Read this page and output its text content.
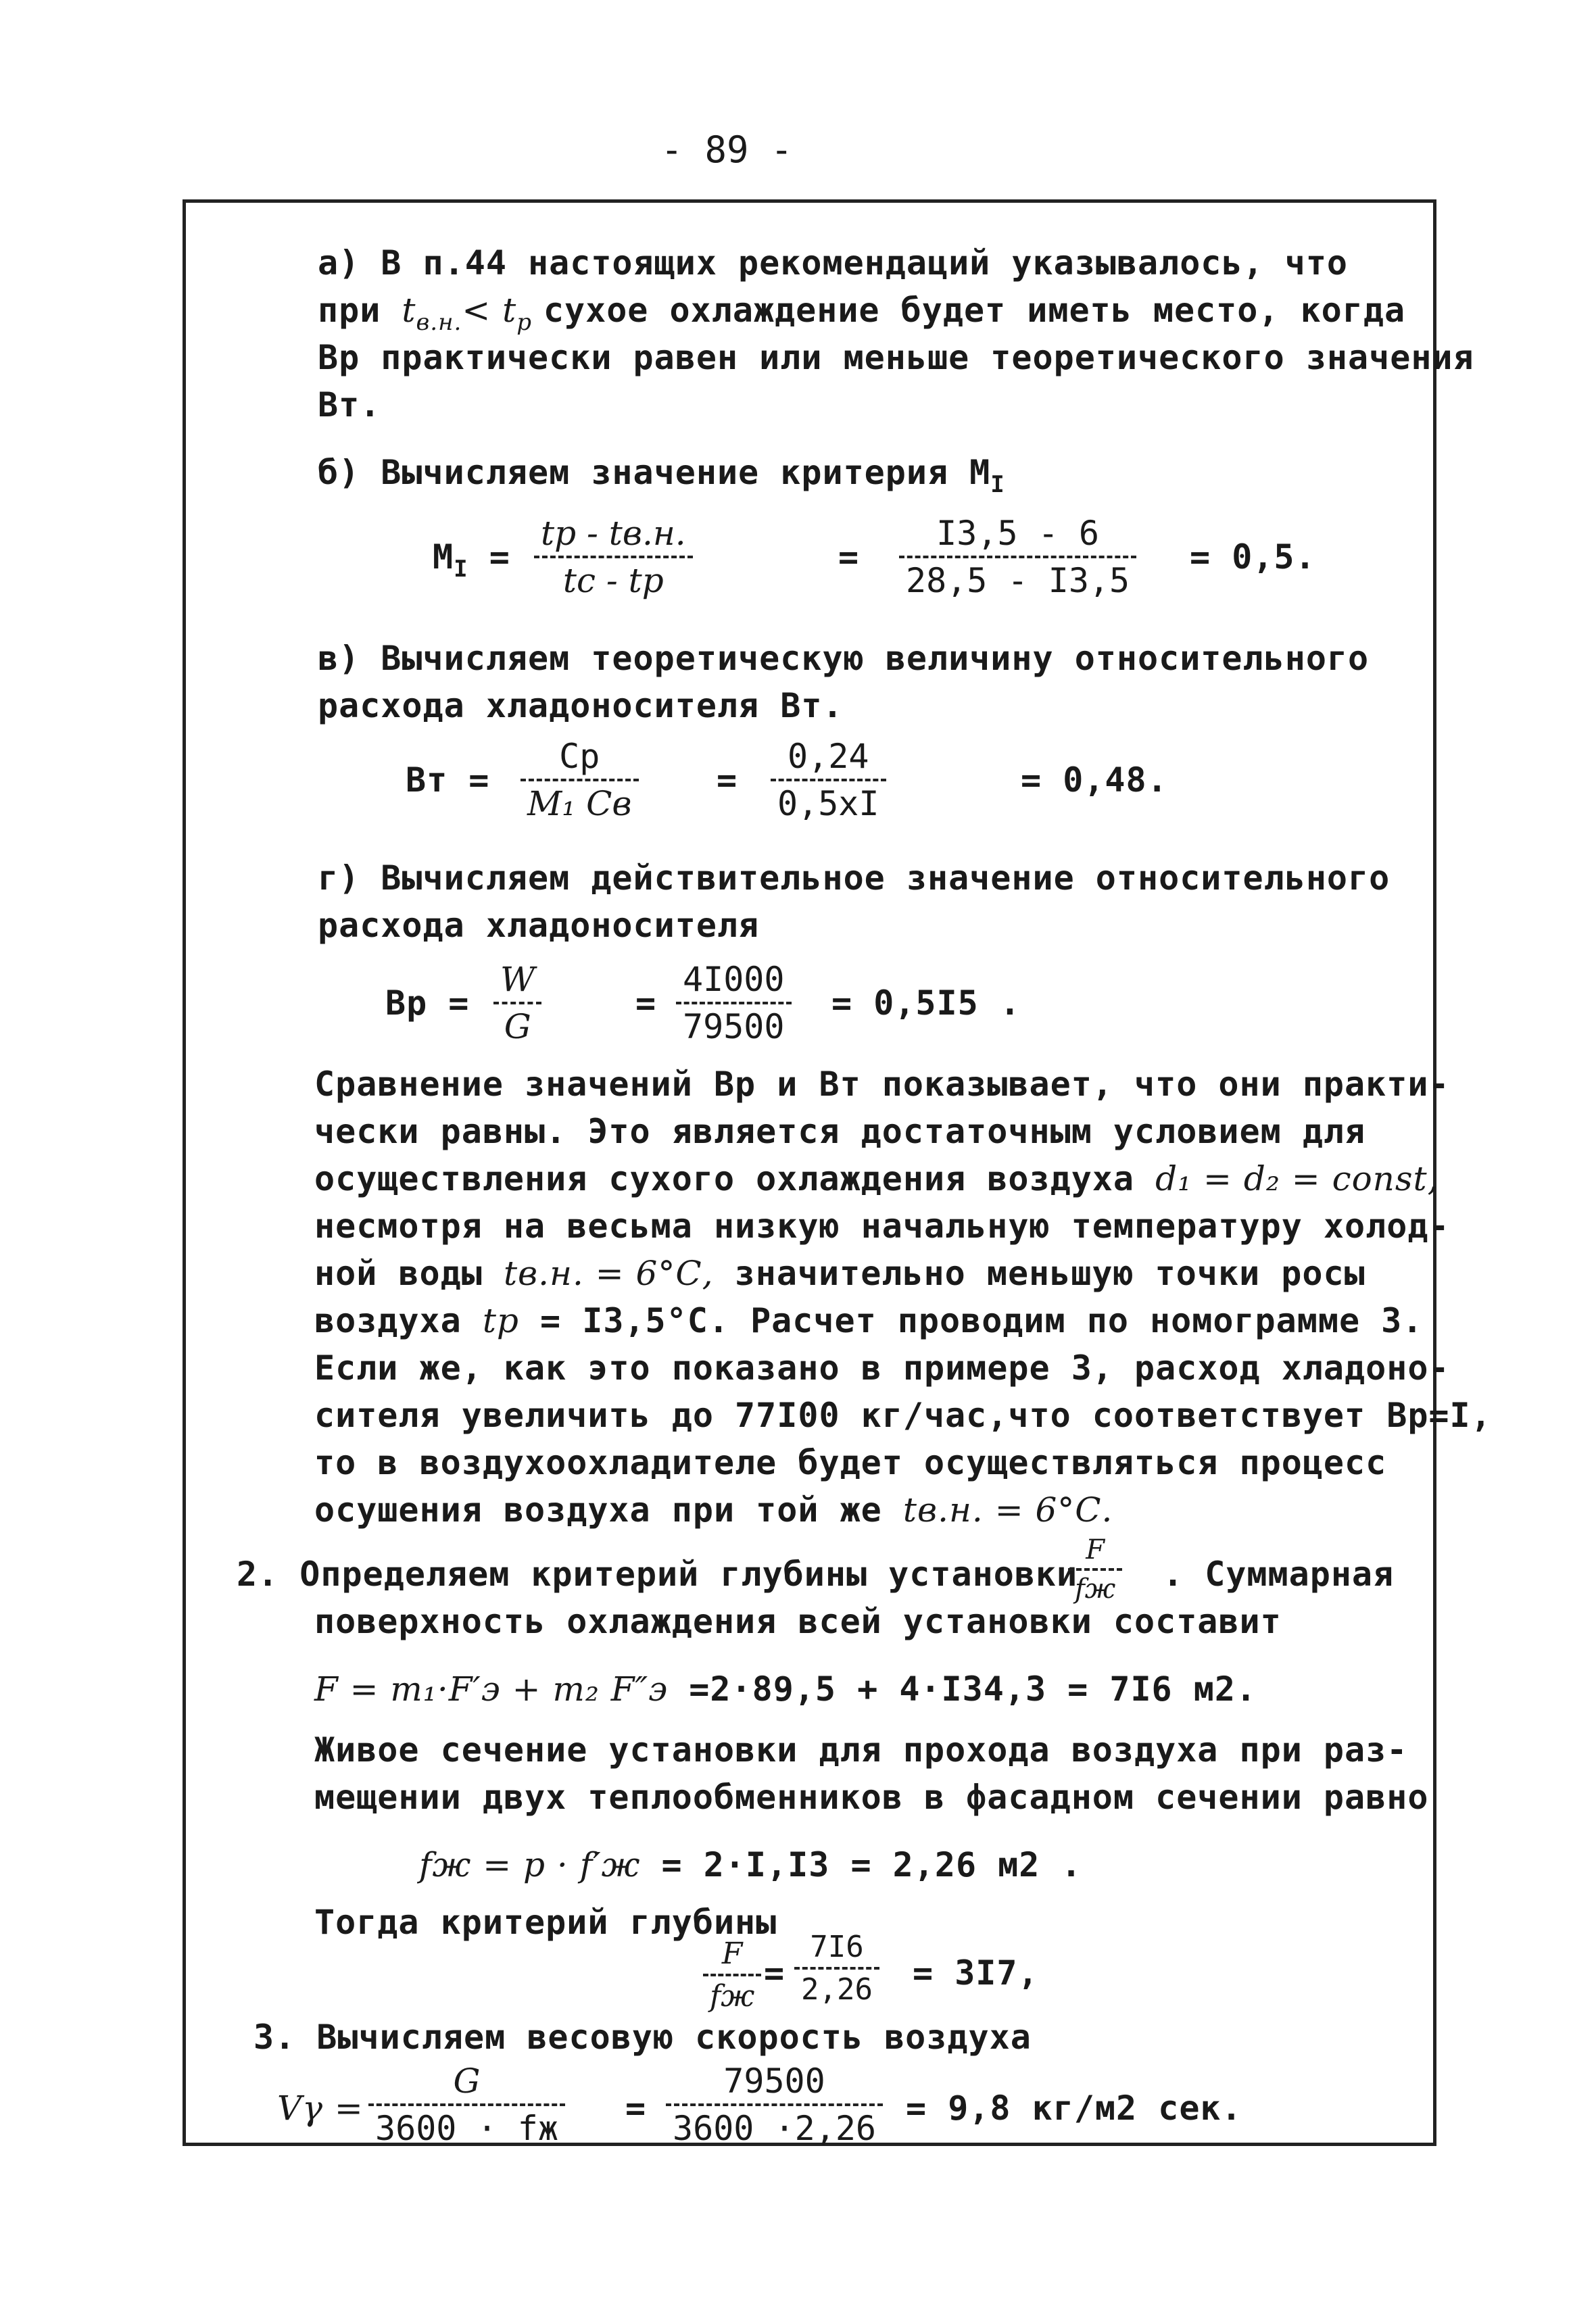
- 89 -
а) В п.44 настоящих рекомендаций указывалось, что
при $t_{в.н.}< t_р$ сухое охлаждение будет иметь место, когда
Вр практически равен или меньше теоретического значения
Вт.
б) Вычисляем значение критерия $М_I$
$М_I$ =
tр - tв.н.
tс - tр
=
I3,5 - 6
28,5 - I3,5
= 0,5.
в) Вычисляем теоретическую величину относительного
расхода хладоносителя Вт.
Вт =
Ср
М₁ Св
=
0,24
0,5хI
= 0,48.
г) Вычисляем действительное значение относительного
расхода хладоносителя
Вр =
W
G
=
4I000
79500
= 0,5I5 .
Сравнение значений Вр и Вт показывает, что они практи-
чески равны. Это является достаточным условием для
осуществления сухого охлаждения воздуха d₁ = d₂ = const,
несмотря на весьма низкую начальную температуру холод-
ной воды tв.н. = 6°С, значительно меньшую точки росы
воздуха tр = I3,5°С. Расчет проводим по номограмме 3.
Если же, как это показано в примере 3, расход хладоно-
сителя увеличить до 77I00 кг/час,что соответствует Вр=I,
то в воздухоохладителе будет осуществляться процесс
осушения воздуха при той же tв.н. = 6°С.
2. Определяем критерий глубины установки
F
fж . Суммарная
поверхность охлаждения всей установки составит
F = m₁·F′э + m₂ F″э =2·89,5 + 4·I34,3 = 7I6 м2.
Живое сечение установки для прохода воздуха при раз-
мещении двух теплообменников в фасадном сечении равно
fж = p · f′ж = 2·I,I3 = 2,26 м2 .
Тогда критерий глубины
F
fж
=
7I6
2,26 = 3I7,
3. Вычисляем весовую скорость воздуха
Vγ =
G
3600 · fж
=
79500
3600 ·2,26
= 9,8 кг/м2 сек.
